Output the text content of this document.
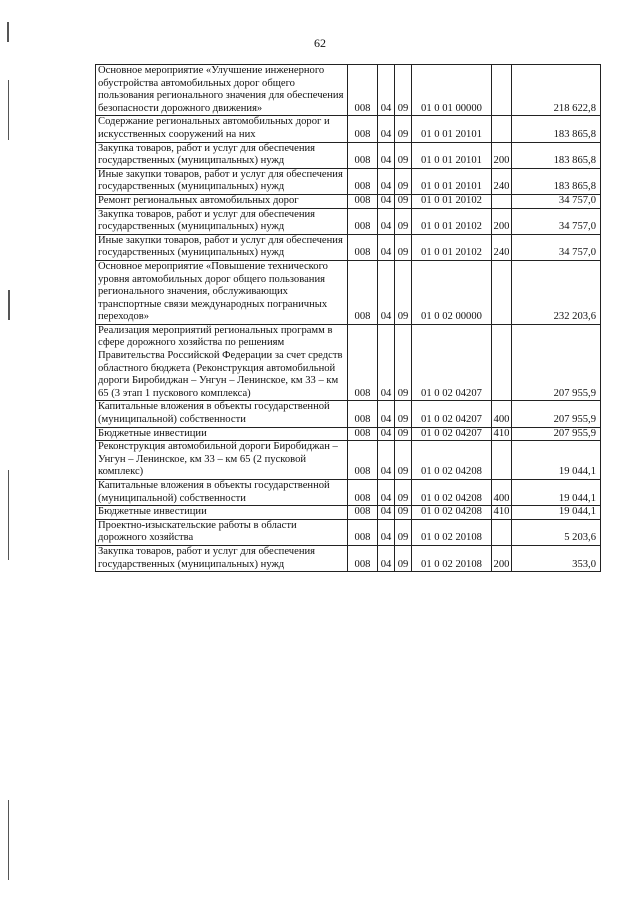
62
Основное мероприятие «Улучшение инженерного обустройства автомобильных дорог общего пользования регионального значения для обеспечения безопасности дорожного движения»	008	04	09	01 0 01 00000		218 622,8
Содержание региональных автомобильных дорог и искусственных сооружений на них	008	04	09	01 0 01 20101		183 865,8
Закупка товаров, работ и услуг для обеспечения государственных (муниципальных) нужд	008	04	09	01 0 01 20101	200	183 865,8
Иные закупки товаров, работ и услуг для обеспечения государственных (муниципальных) нужд	008	04	09	01 0 01 20101	240	183 865,8
Ремонт региональных автомобильных дорог	008	04	09	01 0 01 20102		34 757,0
Закупка товаров, работ и услуг для обеспечения государственных (муниципальных) нужд	008	04	09	01 0 01 20102	200	34 757,0
Иные закупки товаров, работ и услуг для обеспечения государственных (муниципальных) нужд	008	04	09	01 0 01 20102	240	34 757,0
Основное мероприятие «Повышение технического уровня автомобильных дорог общего пользования регионального значения, обслуживающих транспортные связи международных пограничных переходов»	008	04	09	01 0 02 00000		232 203,6
Реализация мероприятий региональных программ в сфере дорожного хозяйства по решениям Правительства Российской Федерации за счет средств областного бюджета (Реконструкция автомобильной дороги Биробиджан – Унгун – Ленинское, км 33 – км 65 (3 этап 1 пускового комплекса)	008	04	09	01 0 02 04207		207 955,9
Капитальные вложения в объекты государственной (муниципальной) собственности	008	04	09	01 0 02 04207	400	207 955,9
Бюджетные инвестиции	008	04	09	01 0 02 04207	410	207 955,9
Реконструкция автомобильной дороги Биробиджан – Унгун – Ленинское, км 33 – км 65 (2 пусковой комплекс)	008	04	09	01 0 02 04208		19 044,1
Капитальные вложения в объекты государственной (муниципальной) собственности	008	04	09	01 0 02 04208	400	19 044,1
Бюджетные инвестиции	008	04	09	01 0 02 04208	410	19 044,1
Проектно-изыскательские работы в области дорожного хозяйства	008	04	09	01 0 02 20108		5 203,6
Закупка товаров, работ и услуг для обеспечения государственных (муниципальных) нужд	008	04	09	01 0 02 20108	200	353,0
